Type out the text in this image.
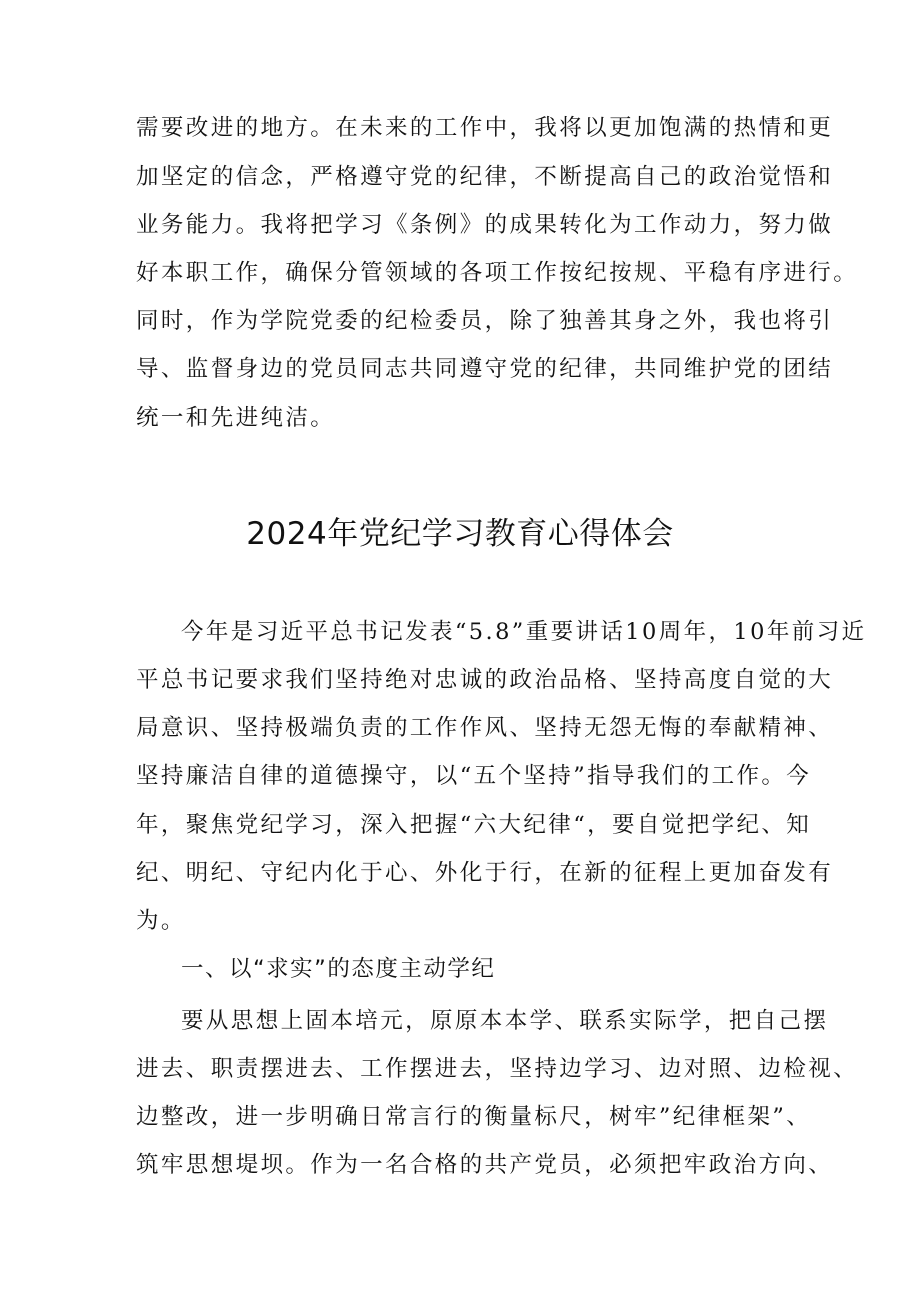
需要改进的地方。在未来的工作中，我将以更加饱满的热情和更
加坚定的信念，严格遵守党的纪律，不断提高自己的政治觉悟和
业务能力。我将把学习《条例》的成果转化为工作动力，努力做
好本职工作，确保分管领域的各项工作按纪按规、平稳有序进行。
同时，作为学院党委的纪检委员，除了独善其身之外，我也将引
导、监督身边的党员同志共同遵守党的纪律，共同维护党的团结
统一和先进纯洁。
2024年党纪学习教育心得体会
今年是习近平总书记发表“5.8”重要讲话10周年，10年前习近
平总书记要求我们坚持绝对忠诚的政治品格、坚持高度自觉的大
局意识、坚持极端负责的工作作风、坚持无怨无悔的奉献精神、
坚持廉洁自律的道德操守，以“五个坚持”指导我们的工作。今
年，聚焦党纪学习，深入把握“六大纪律“，要自觉把学纪、知
纪、明纪、守纪内化于心、外化于行，在新的征程上更加奋发有
为。
一、以“求实”的态度主动学纪
要从思想上固本培元，原原本本学、联系实际学，把自己摆
进去、职责摆进去、工作摆进去，坚持边学习、边对照、边检视、
边整改，进一步明确日常言行的衡量标尺，树牢”纪律框架”、
筑牢思想堤坝。作为一名合格的共产党员，必须把牢政治方向、
